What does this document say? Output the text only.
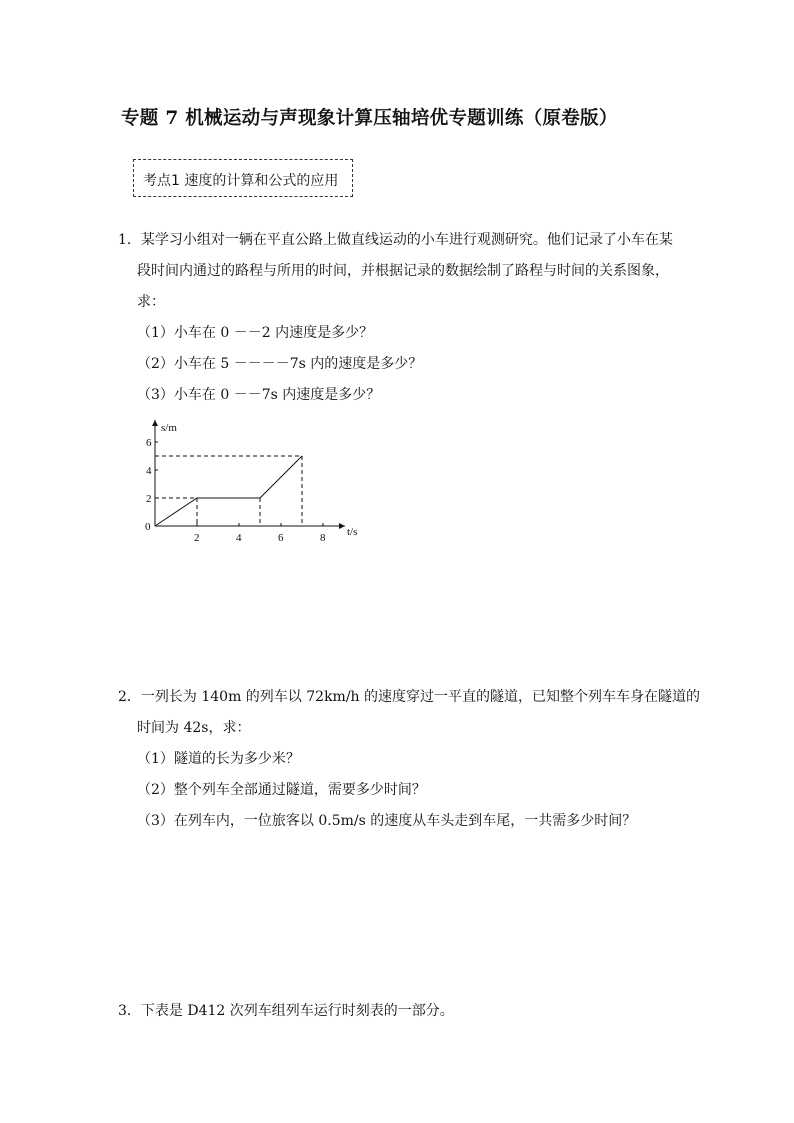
专题 7 机械运动与声现象计算压轴培优专题训练（原卷版）
考点1 速度的计算和公式的应用
1．某学习小组对一辆在平直公路上做直线运动的小车进行观测研究。他们记录了小车在某
段时间内通过的路程与所用的时间，并根据记录的数据绘制了路程与时间的关系图象，
求：
（1）小车在 0 －－2 内速度是多少？
（2）小车在 5 －－－－7s 内的速度是多少？
（3）小车在 0 －－7s 内速度是多少？
2	4	6	8
2
4
6
s/m
t/s
0
2．一列长为 140m 的列车以 72km/h 的速度穿过一平直的隧道，已知整个列车车身在隧道的
时间为 42s，求：
（1）隧道的长为多少米？
（2）整个列车全部通过隧道，需要多少时间？
（3）在列车内，一位旅客以 0.5m/s 的速度从车头走到车尾，一共需多少时间？
3．下表是 D412 次列车组列车运行时刻表的一部分。
